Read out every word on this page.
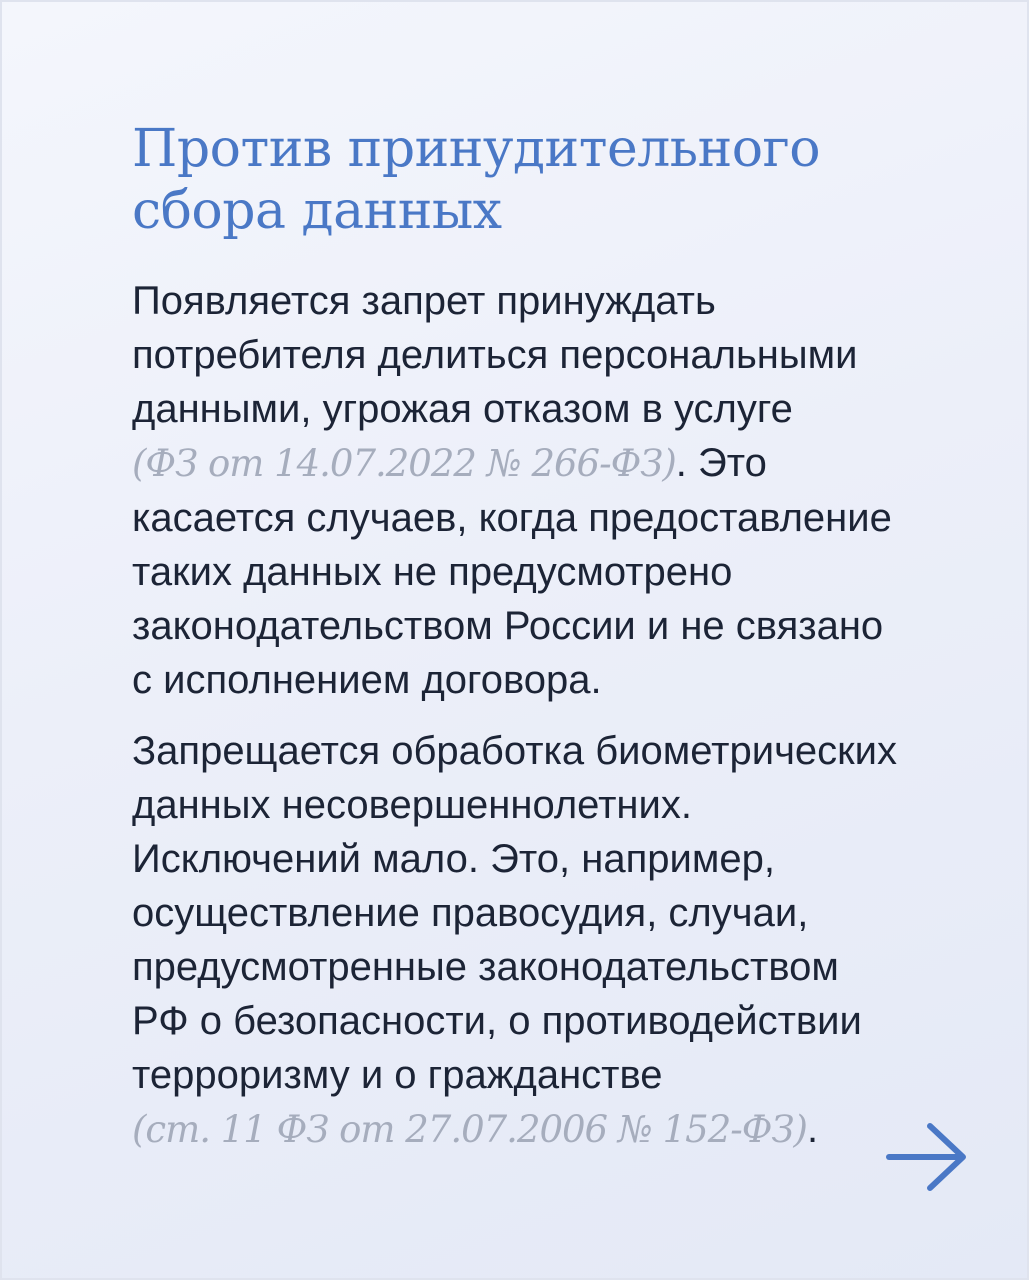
Против принудительного
сбора данных

Появляется запрет принуждать
потребителя делиться персональными
данными, угрожая отказом в услуге
(ФЗ от 14.07.2022 № 266-ФЗ). Это
касается случаев, когда предоставление
таких данных не предусмотрено
законодательством России и не связано
с исполнением договора.

Запрещается обработка биометрических
данных несовершеннолетних.
Исключений мало. Это, например,
осуществление правосудия, случаи,
предусмотренные законодательством
РФ о безопасности, о противодействии
терроризму и о гражданстве
(ст. 11 ФЗ от 27.07.2006 № 152-ФЗ).
